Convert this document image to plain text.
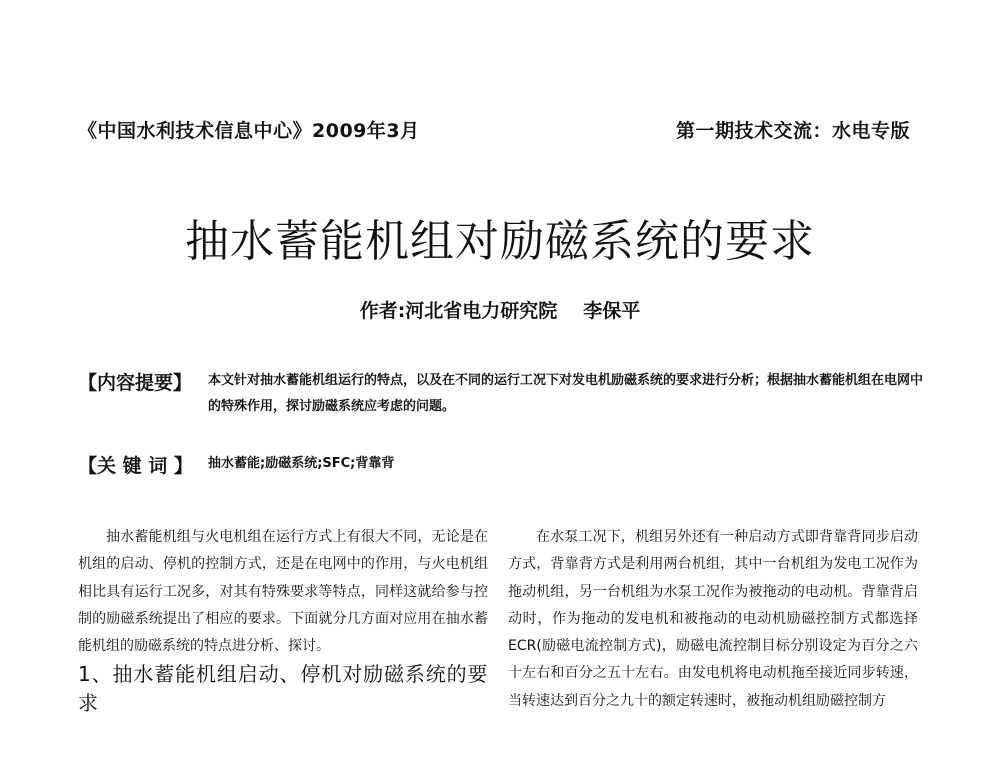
《中国水利技术信息中心》2009年3月	第一期技术交流：水电专版
抽水蓄能机组对励磁系统的要求
作者:河北省电力研究院 李保平
【内容提要】	本文针对抽水蓄能机组运行的特点，以及在不同的运行工况下对发电机励磁系统的要求进行分析；根据抽水蓄能机组在电网中的特殊作用，探讨励磁系统应考虑的问题。
【关 键 词 】	抽水蓄能;励磁系统;SFC;背靠背

抽水蓄能机组与火电机组在运行方式上有很大不同，无论是在机组的启动、停机的控制方式，还是在电网中的作用，与火电机组相比具有运行工况多，对其有特殊要求等特点，同样这就给参与控制的励磁系统提出了相应的要求。下面就分几方面对应用在抽水蓄能机组的励磁系统的特点进分析、探讨。

1、抽水蓄能机组启动、停机对励磁系统的要求

在水泵工况下，机组另外还有一种启动方式即背靠背同步启动方式，背靠背方式是利用两台机组，其中一台机组为发电工况作为拖动机组，另一台机组为水泵工况作为被拖动的电动机。背靠背启动时，作为拖动的发电机和被拖动的电动机励磁控制方式都选择ECR(励磁电流控制方式)，励磁电流控制目标分别设定为百分之六十左右和百分之五十左右。由发电机将电动机拖至接近同步转速，当转速达到百分之九十的额定转速时，被拖动机组励磁控制方
